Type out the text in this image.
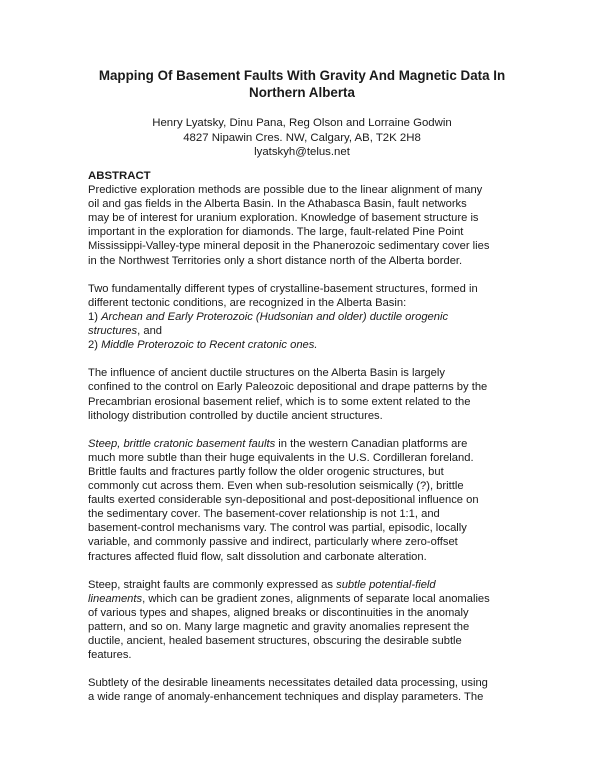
Mapping Of Basement Faults With Gravity And Magnetic Data In
Northern Alberta
Henry Lyatsky, Dinu Pana, Reg Olson and Lorraine Godwin
4827 Nipawin Cres. NW, Calgary, AB, T2K 2H8
lyatskyh@telus.net
ABSTRACT

Predictive exploration methods are possible due to the linear alignment of many
oil and gas fields in the Alberta Basin. In the Athabasca Basin, fault networks
may be of interest for uranium exploration. Knowledge of basement structure is
important in the exploration for diamonds. The large, fault-related Pine Point
Mississippi-Valley-type mineral deposit in the Phanerozoic sedimentary cover lies
in the Northwest Territories only a short distance north of the Alberta border.

Two fundamentally different types of crystalline-basement structures, formed in
different tectonic conditions, are recognized in the Alberta Basin:
1) Archean and Early Proterozoic (Hudsonian and older) ductile orogenic
structures, and
2) Middle Proterozoic to Recent cratonic ones.

The influence of ancient ductile structures on the Alberta Basin is largely
confined to the control on Early Paleozoic depositional and drape patterns by the
Precambrian erosional basement relief, which is to some extent related to the
lithology distribution controlled by ductile ancient structures.

Steep, brittle cratonic basement faults in the western Canadian platforms are
much more subtle than their huge equivalents in the U.S. Cordilleran foreland.
Brittle faults and fractures partly follow the older orogenic structures, but
commonly cut across them. Even when sub-resolution seismically (?), brittle
faults exerted considerable syn-depositional and post-depositional influence on
the sedimentary cover. The basement-cover relationship is not 1:1, and
basement-control mechanisms vary. The control was partial, episodic, locally
variable, and commonly passive and indirect, particularly where zero-offset
fractures affected fluid flow, salt dissolution and carbonate alteration.

Steep, straight faults are commonly expressed as subtle potential-field
lineaments, which can be gradient zones, alignments of separate local anomalies
of various types and shapes, aligned breaks or discontinuities in the anomaly
pattern, and so on. Many large magnetic and gravity anomalies represent the
ductile, ancient, healed basement structures, obscuring the desirable subtle
features.

Subtlety of the desirable lineaments necessitates detailed data processing, using
a wide range of anomaly-enhancement techniques and display parameters. The
